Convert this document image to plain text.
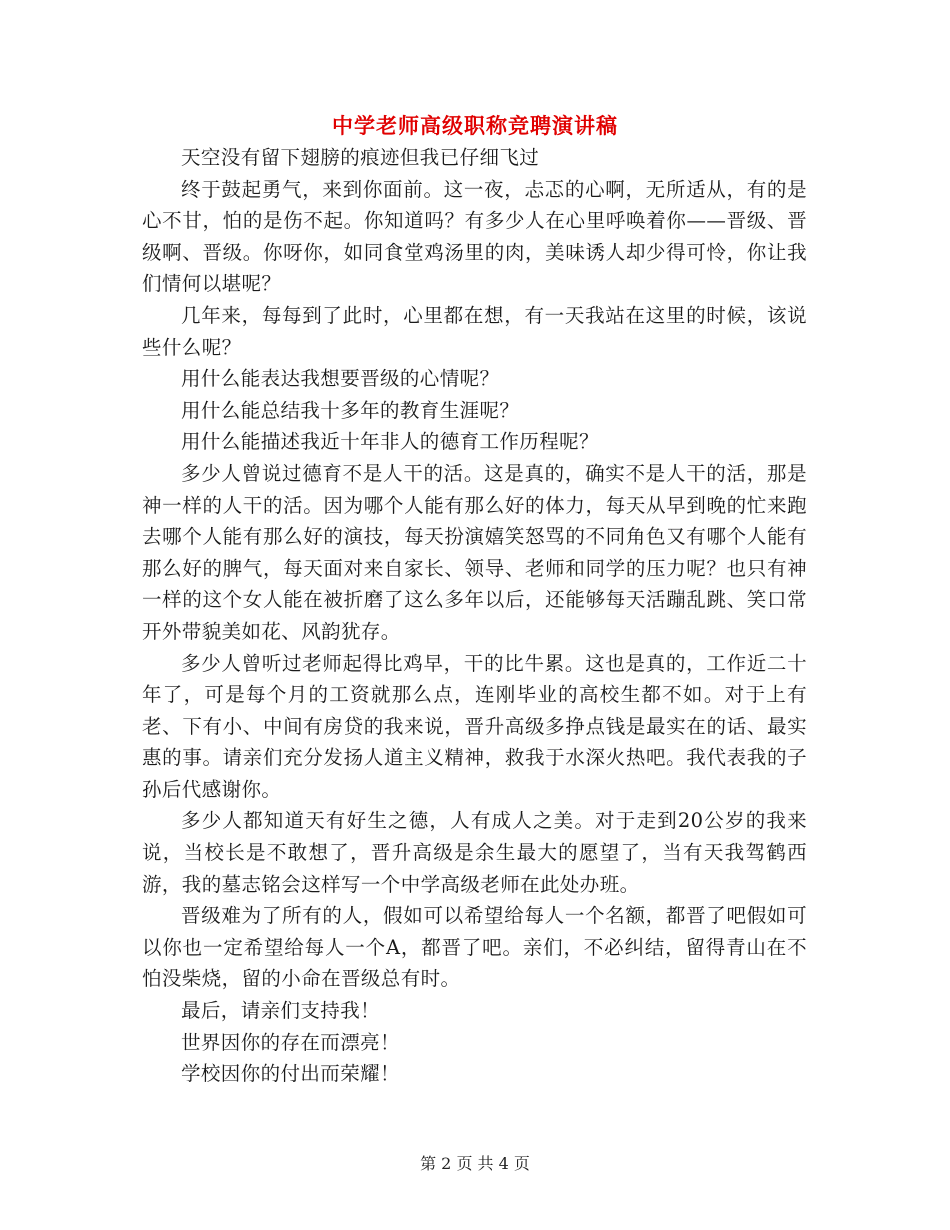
中学老师高级职称竞聘演讲稿

天空没有留下翅膀的痕迹但我已仔细飞过

终于鼓起勇气，来到你面前。这一夜，忐忑的心啊，无所适从，有的是心不甘，怕的是伤不起。你知道吗？有多少人在心里呼唤着你——晋级、晋级啊、晋级。你呀你，如同食堂鸡汤里的肉，美味诱人却少得可怜，你让我们情何以堪呢？

几年来，每每到了此时，心里都在想，有一天我站在这里的时候，该说些什么呢？

用什么能表达我想要晋级的心情呢？

用什么能总结我十多年的教育生涯呢？

用什么能描述我近十年非人的德育工作历程呢？

多少人曾说过德育不是人干的活。这是真的，确实不是人干的活，那是神一样的人干的活。因为哪个人能有那么好的体力，每天从早到晚的忙来跑去哪个人能有那么好的演技，每天扮演嬉笑怒骂的不同角色又有哪个人能有那么好的脾气，每天面对来自家长、领导、老师和同学的压力呢？也只有神一样的这个女人能在被折磨了这么多年以后，还能够每天活蹦乱跳、笑口常开外带貌美如花、风韵犹存。

多少人曾听过老师起得比鸡早，干的比牛累。这也是真的，工作近二十年了，可是每个月的工资就那么点，连刚毕业的高校生都不如。对于上有老、下有小、中间有房贷的我来说，晋升高级多挣点钱是最实在的话、最实惠的事。请亲们充分发扬人道主义精神，救我于水深火热吧。我代表我的子孙后代感谢你。

多少人都知道天有好生之德，人有成人之美。对于走到20公岁的我来说，当校长是不敢想了，晋升高级是余生最大的愿望了，当有天我驾鹤西游，我的墓志铭会这样写一个中学高级老师在此处办班。

晋级难为了所有的人，假如可以希望给每人一个名额，都晋了吧假如可以你也一定希望给每人一个A，都晋了吧。亲们，不必纠结，留得青山在不怕没柴烧，留的小命在晋级总有时。

最后，请亲们支持我！

世界因你的存在而漂亮！

学校因你的付出而荣耀！

第 2 页 共 4 页
